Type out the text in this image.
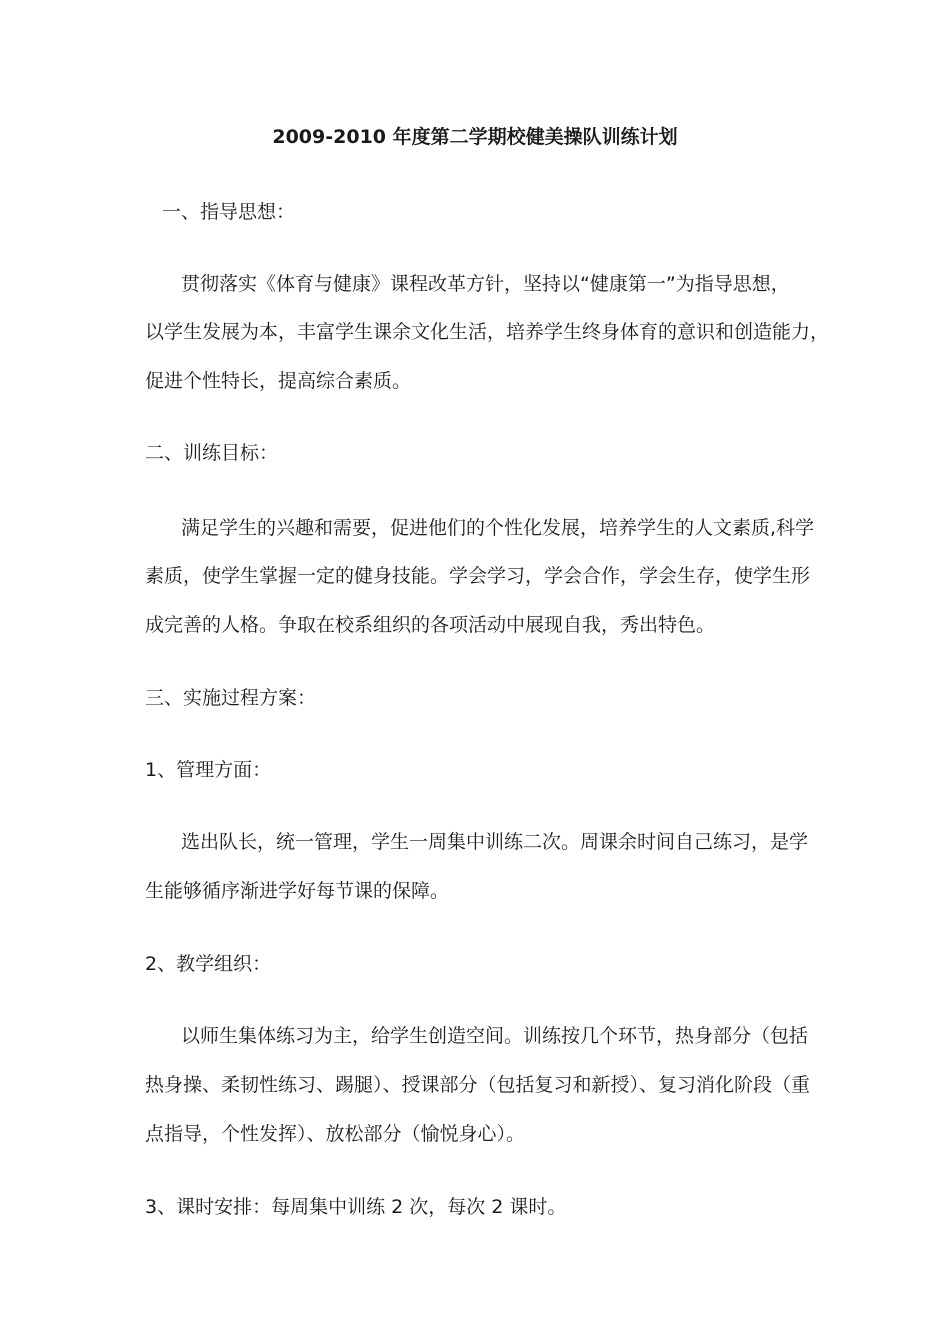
2009-2010 年度第二学期校健美操队训练计划
一、指导思想：
贯彻落实《体育与健康》课程改革方针，坚持以“健康第一”为指导思想，
以学生发展为本，丰富学生课余文化生活，培养学生终身体育的意识和创造能力，
促进个性特长，提高综合素质。
二、训练目标：
满足学生的兴趣和需要，促进他们的个性化发展，培养学生的人文素质,科学
素质，使学生掌握一定的健身技能。学会学习，学会合作，学会生存，使学生形
成完善的人格。争取在校系组织的各项活动中展现自我，秀出特色。
三、实施过程方案：
1、管理方面：
选出队长，统一管理，学生一周集中训练二次。周课余时间自己练习，是学
生能够循序渐进学好每节课的保障。
2、教学组织：
以师生集体练习为主，给学生创造空间。训练按几个环节，热身部分（包括
热身操、柔韧性练习、踢腿）、授课部分（包括复习和新授）、复习消化阶段（重
点指导，个性发挥）、放松部分（愉悦身心）。
3、课时安排：每周集中训练 2 次，每次 2 课时。
